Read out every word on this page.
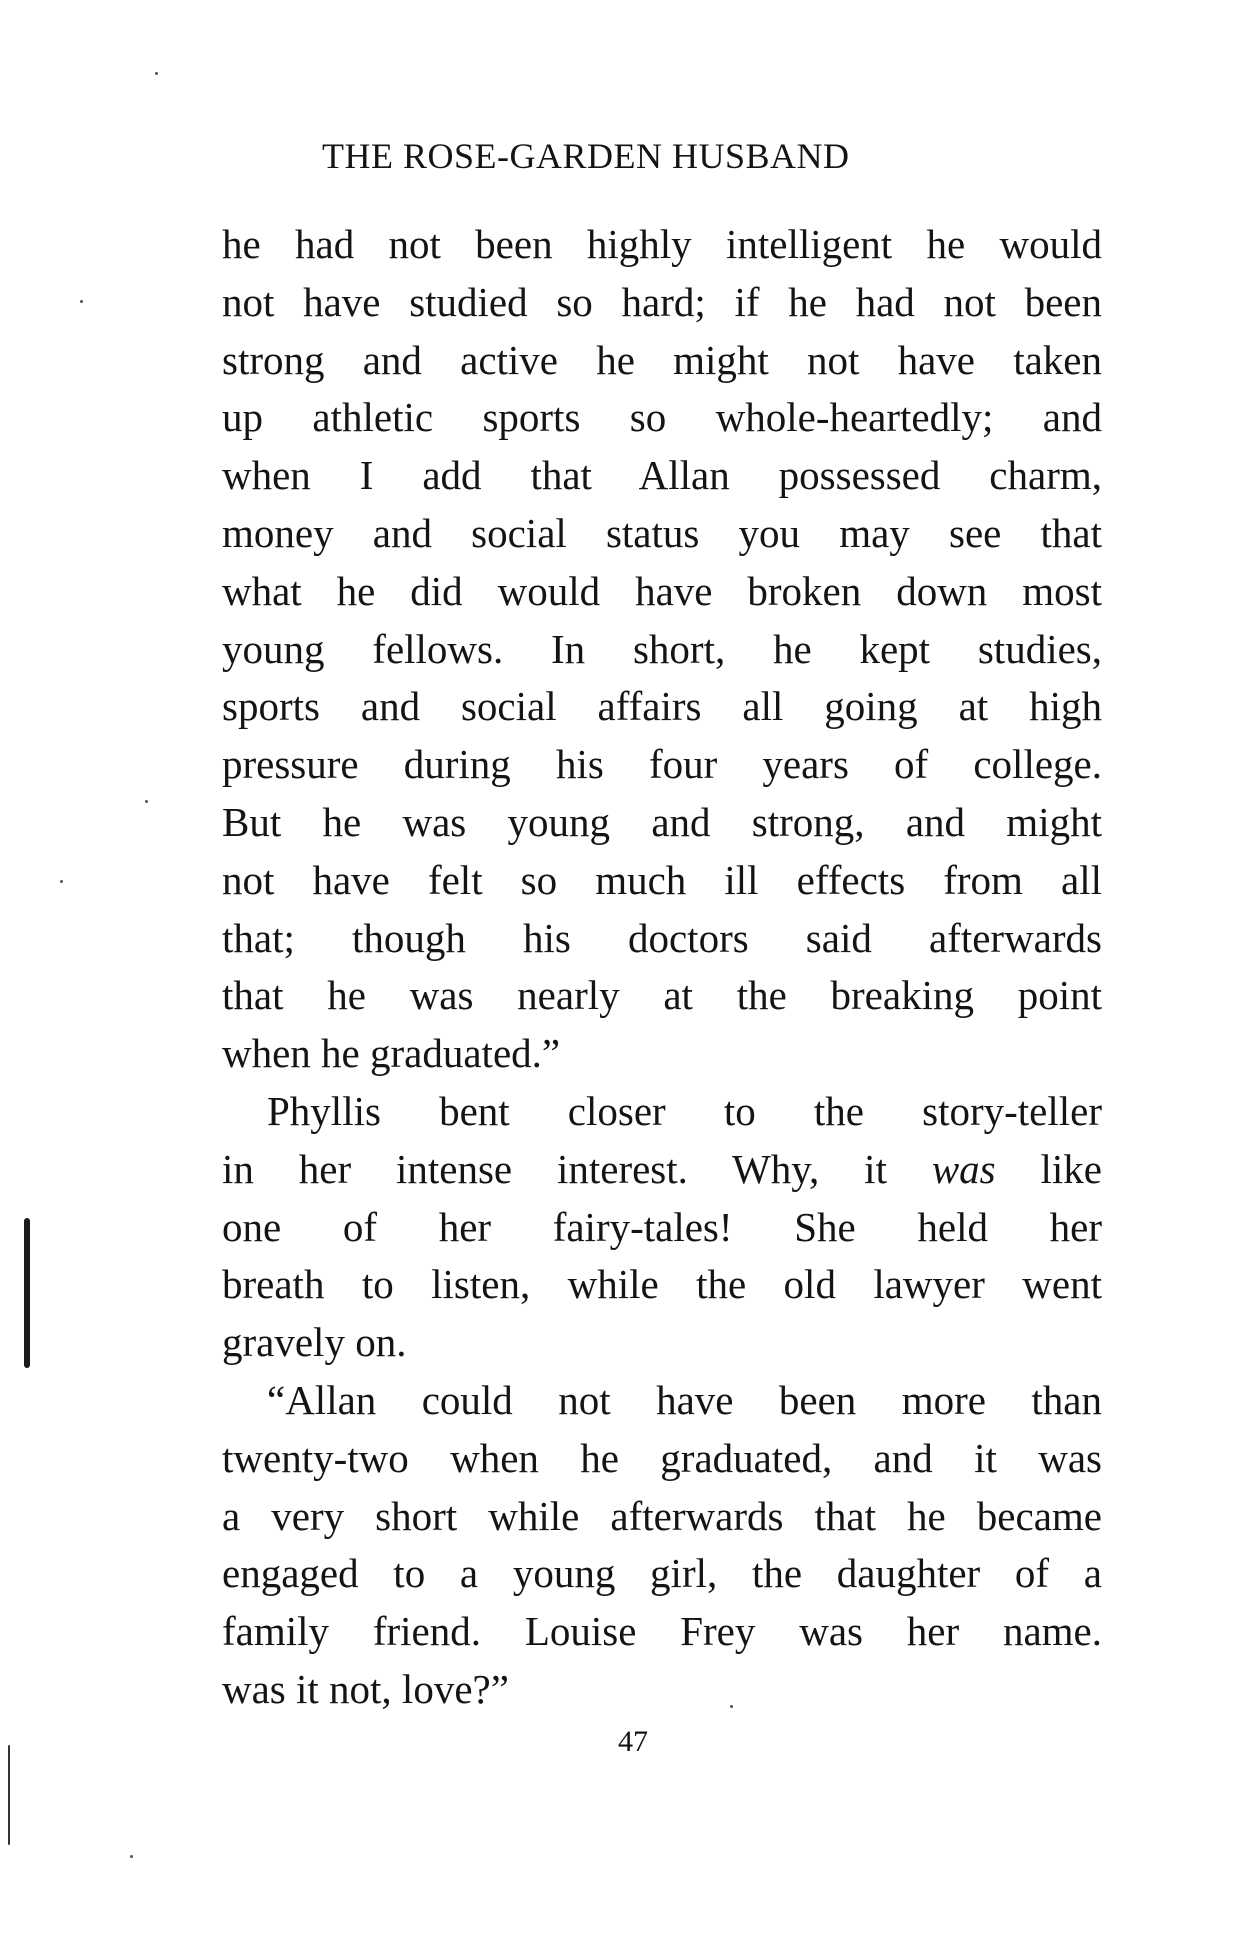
THE ROSE-GARDEN HUSBAND
he had not been highly intelligent he would
not have studied so hard; if he had not been
strong and active he might not have taken
up athletic sports so whole-heartedly; and
when I add that Allan possessed charm,
money and social status you may see that
what he did would have broken down most
young fellows. In short, he kept studies,
sports and social affairs all going at high
pressure during his four years of college.
But he was young and strong, and might
not have felt so much ill effects from all
that; though his doctors said afterwards
that he was nearly at the breaking point
when he graduated.”
Phyllis bent closer to the story-teller
in her intense interest. Why, it was like
one of her fairy-tales! She held her
breath to listen, while the old lawyer went
gravely on.
“Allan could not have been more than
twenty-two when he graduated, and it was
a very short while afterwards that he became
engaged to a young girl, the daughter of a
family friend. Louise Frey was her name.
was it not, love?”
47
